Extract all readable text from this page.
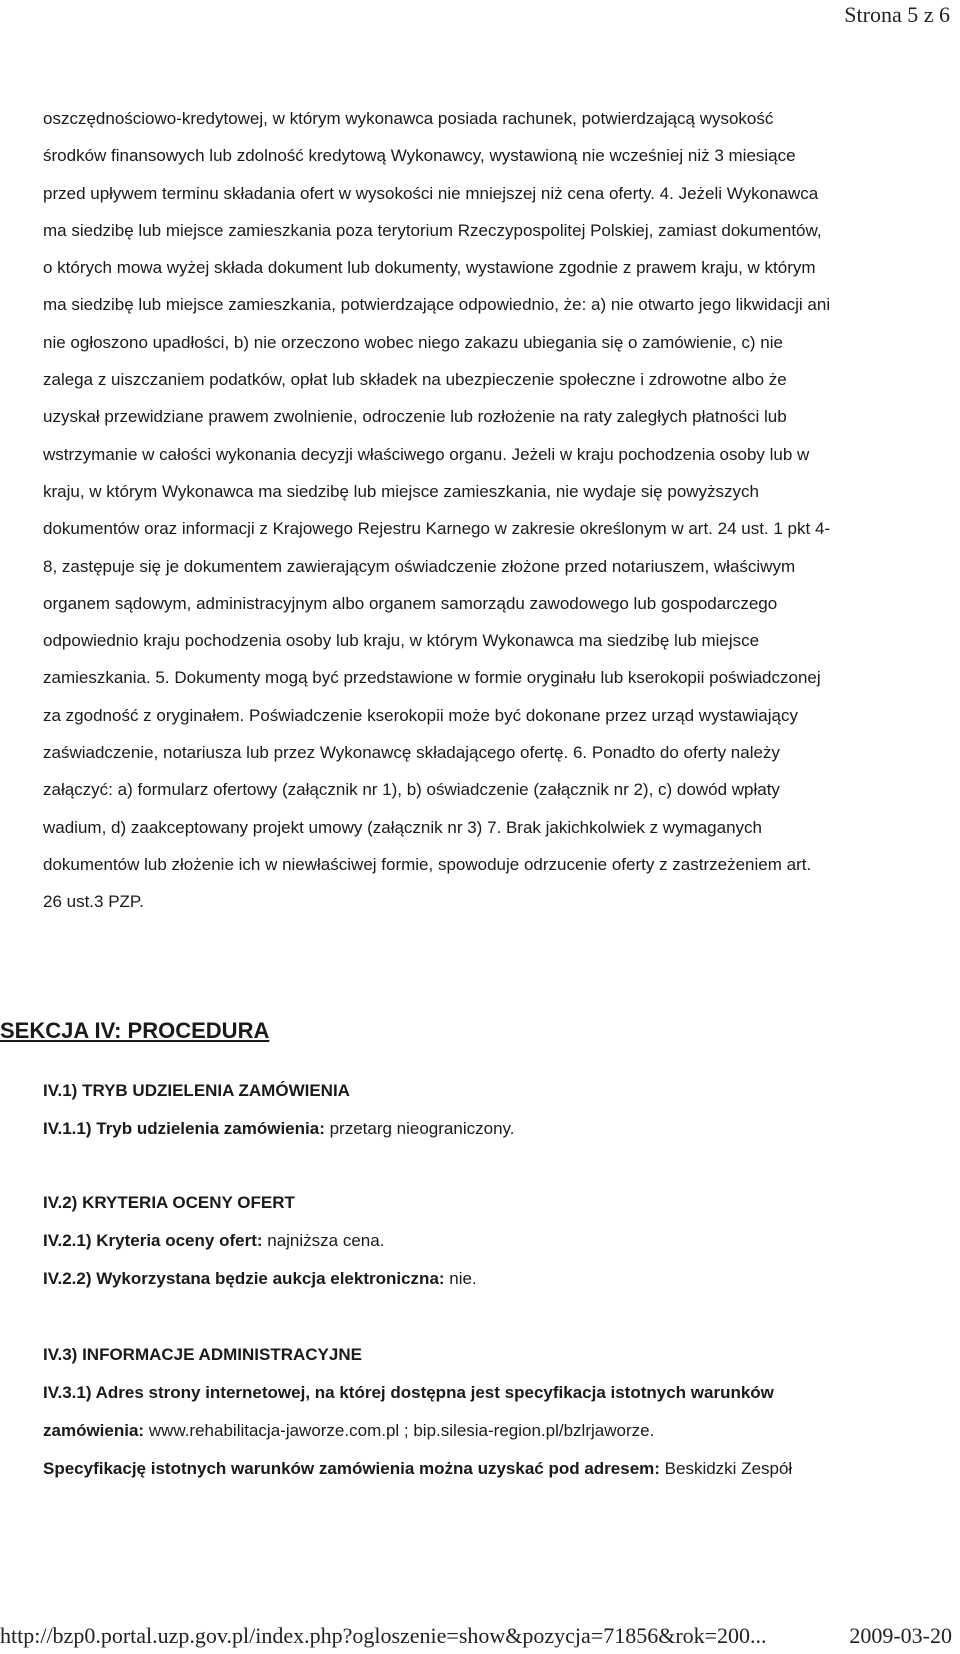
Strona 5 z 6
oszczędnościowo-kredytowej, w którym wykonawca posiada rachunek, potwierdzającą wysokość
środków finansowych lub zdolność kredytową Wykonawcy, wystawioną nie wcześniej niż 3 miesiące
przed upływem terminu składania ofert w wysokości nie mniejszej niż cena oferty. 4. Jeżeli Wykonawca
ma siedzibę lub miejsce zamieszkania poza terytorium Rzeczypospolitej Polskiej, zamiast dokumentów,
o których mowa wyżej składa dokument lub dokumenty, wystawione zgodnie z prawem kraju, w którym
ma siedzibę lub miejsce zamieszkania, potwierdzające odpowiednio, że: a) nie otwarto jego likwidacji ani
nie ogłoszono upadłości, b) nie orzeczono wobec niego zakazu ubiegania się o zamówienie, c) nie
zalega z uiszczaniem podatków, opłat lub składek na ubezpieczenie społeczne i zdrowotne albo że
uzyskał przewidziane prawem zwolnienie, odroczenie lub rozłożenie na raty zaległych płatności lub
wstrzymanie w całości wykonania decyzji właściwego organu. Jeżeli w kraju pochodzenia osoby lub w
kraju, w którym Wykonawca ma siedzibę lub miejsce zamieszkania, nie wydaje się powyższych
dokumentów oraz informacji z Krajowego Rejestru Karnego w zakresie określonym w art. 24 ust. 1 pkt 4-
8, zastępuje się je dokumentem zawierającym oświadczenie złożone przed notariuszem, właściwym
organem sądowym, administracyjnym albo organem samorządu zawodowego lub gospodarczego
odpowiednio kraju pochodzenia osoby lub kraju, w którym Wykonawca ma siedzibę lub miejsce
zamieszkania. 5. Dokumenty mogą być przedstawione w formie oryginału lub kserokopii poświadczonej
za zgodność z oryginałem. Poświadczenie kserokopii może być dokonane przez urząd wystawiający
zaświadczenie, notariusza lub przez Wykonawcę składającego ofertę. 6. Ponadto do oferty należy
załączyć: a) formularz ofertowy (załącznik nr 1), b) oświadczenie (załącznik nr 2), c) dowód wpłaty
wadium, d) zaakceptowany projekt umowy (załącznik nr 3) 7. Brak jakichkolwiek z wymaganych
dokumentów lub złożenie ich w niewłaściwej formie, spowoduje odrzucenie oferty z zastrzeżeniem art.
26 ust.3 PZP.
SEKCJA IV: PROCEDURA
IV.1) TRYB UDZIELENIA ZAMÓWIENIA
IV.1.1) Tryb udzielenia zamówienia: przetarg nieograniczony.
IV.2) KRYTERIA OCENY OFERT
IV.2.1) Kryteria oceny ofert: najniższa cena.
IV.2.2) Wykorzystana będzie aukcja elektroniczna: nie.
IV.3) INFORMACJE ADMINISTRACYJNE
IV.3.1) Adres strony internetowej, na której dostępna jest specyfikacja istotnych warunków
zamówienia: www.rehabilitacja-jaworze.com.pl ; bip.silesia-region.pl/bzlrjaworze.
Specyfikację istotnych warunków zamówienia można uzyskać pod adresem: Beskidzki Zespół
http://bzp0.portal.uzp.gov.pl/index.php?ogloszenie=show&pozycja=71856&rok=200...	2009-03-20
